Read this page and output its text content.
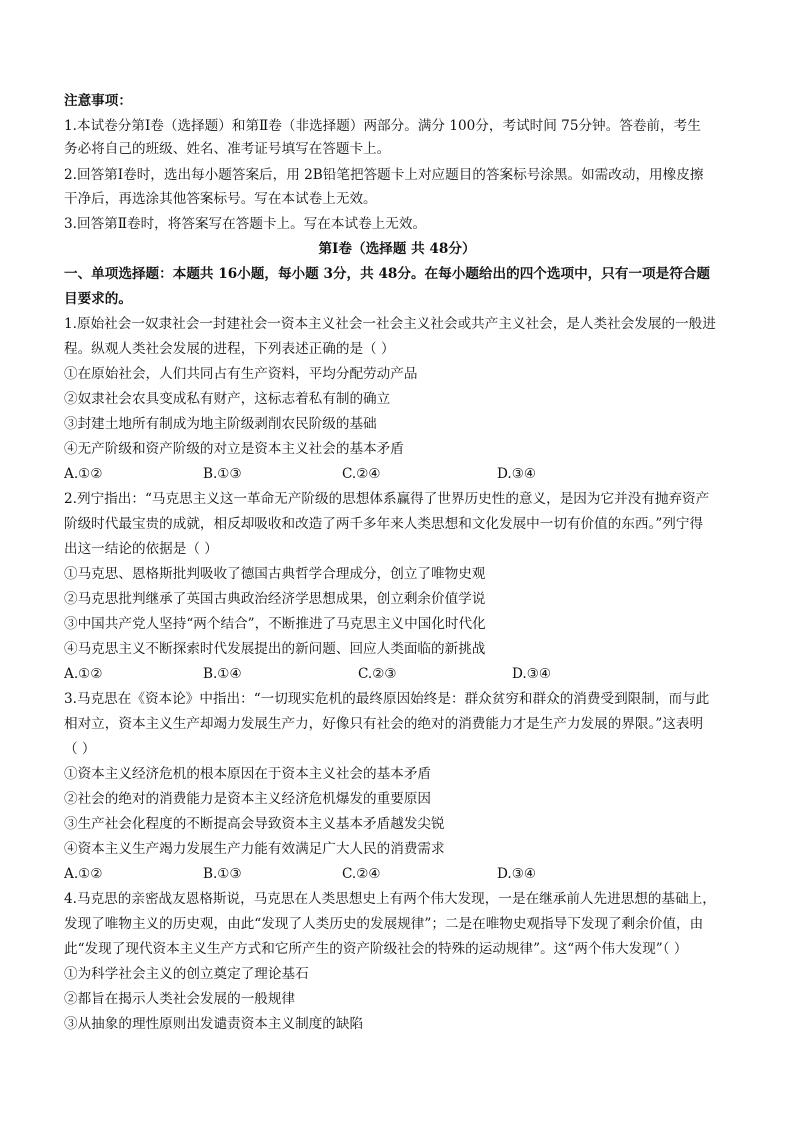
注意事项：
1.本试卷分第Ⅰ卷（选择题）和第Ⅱ卷（非选择题）两部分。满分 100分，考试时间 75分钟。答卷前，考生
务必将自己的班级、姓名、准考证号填写在答题卡上。
2.回答第Ⅰ卷时，选出每小题答案后，用 2B铅笔把答题卡上对应题目的答案标号涂黑。如需改动，用橡皮擦
干净后，再选涂其他答案标号。写在本试卷上无效。
3.回答第Ⅱ卷时，将答案写在答题卡上。写在本试卷上无效。
第Ⅰ卷（选择题 共 48分）
一、单项选择题：本题共 16小题，每小题 3分，共 48分。在每小题给出的四个选项中，只有一项是符合题
目要求的。
1.原始社会一奴隶社会一封建社会一资本主义社会一社会主义社会或共产主义社会，是人类社会发展的一般进
程。纵观人类社会发展的进程，下列表述正确的是（ ）
①在原始社会，人们共同占有生产资料，平均分配劳动产品
②奴隶社会农具变成私有财产，这标志着私有制的确立
③封建土地所有制成为地主阶级剥削农民阶级的基础
④无产阶级和资产阶级的对立是资本主义社会的基本矛盾
A.①②	B.①③	C.②④	D.③④
2.列宁指出：“马克思主义这一革命无产阶级的思想体系赢得了世界历史性的意义，是因为它并没有抛弃资产
阶级时代最宝贵的成就，相反却吸收和改造了两千多年来人类思想和文化发展中一切有价值的东西。”列宁得
出这一结论的依据是（ ）
①马克思、恩格斯批判吸收了德国古典哲学合理成分，创立了唯物史观
②马克思批判继承了英国古典政治经济学思想成果，创立剩余价值学说
③中国共产党人坚持“两个结合”，不断推进了马克思主义中国化时代化
④马克思主义不断探索时代发展提出的新问题、回应人类面临的新挑战
A.①②	B.①④	C.②③	D.③④
3.马克思在《资本论》中指出：“一切现实危机的最终原因始终是：群众贫穷和群众的消费受到限制，而与此
相对立，资本主义生产却竭力发展生产力，好像只有社会的绝对的消费能力才是生产力发展的界限。”这表明
（ ）
①资本主义经济危机的根本原因在于资本主义社会的基本矛盾
②社会的绝对的消费能力是资本主义经济危机爆发的重要原因
③生产社会化程度的不断提高会导致资本主义基本矛盾越发尖锐
④资本主义生产竭力发展生产力能有效满足广大人民的消费需求
A.①②	B.①③	C.②④	D.③④
4.马克思的亲密战友恩格斯说，马克思在人类思想史上有两个伟大发现，一是在继承前人先进思想的基础上，
发现了唯物主义的历史观，由此“发现了人类历史的发展规律”；二是在唯物史观指导下发现了剩余价值，由
此“发现了现代资本主义生产方式和它所产生的资产阶级社会的特殊的运动规律”。这“两个伟大发现”（ ）
①为科学社会主义的创立奠定了理论基石
②都旨在揭示人类社会发展的一般规律
③从抽象的理性原则出发谴责资本主义制度的缺陷
